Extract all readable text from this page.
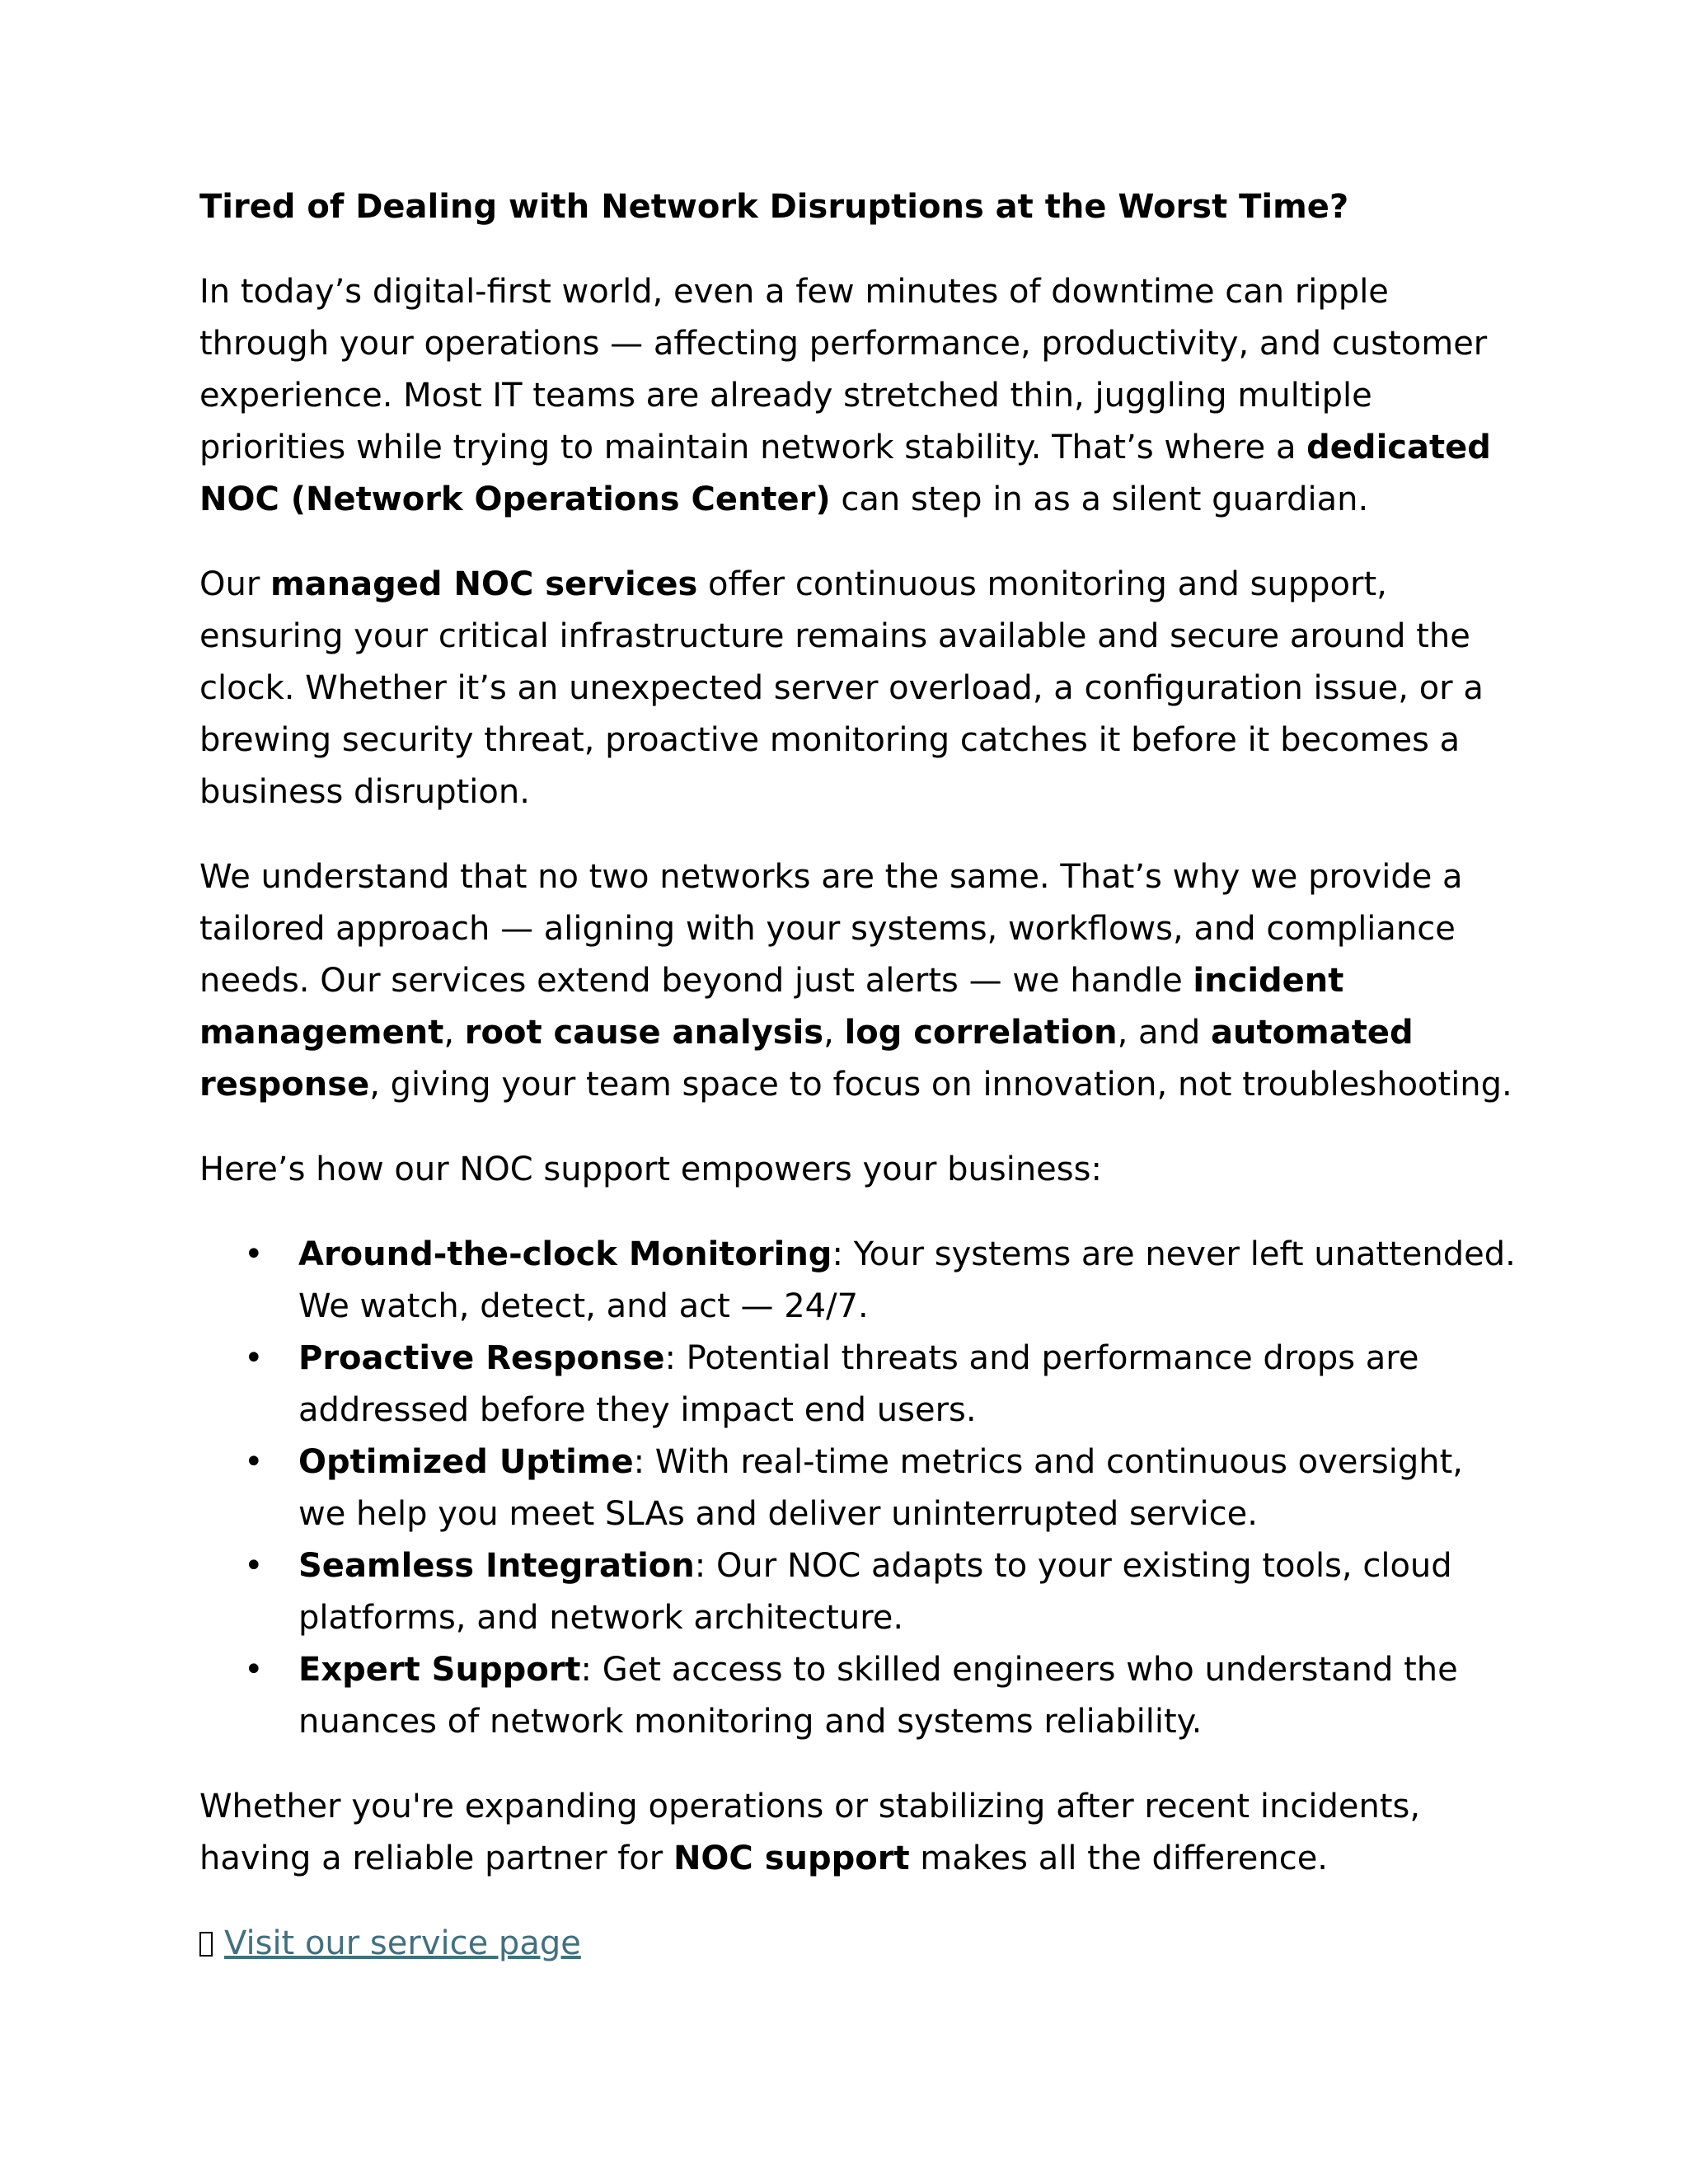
Tired of Dealing with Network Disruptions at the Worst Time?

In today’s digital-first world, even a few minutes of downtime can ripple through your operations — affecting performance, productivity, and customer experience. Most IT teams are already stretched thin, juggling multiple priorities while trying to maintain network stability. That’s where a dedicated NOC (Network Operations Center) can step in as a silent guardian.

Our managed NOC services offer continuous monitoring and support, ensuring your critical infrastructure remains available and secure around the clock. Whether it’s an unexpected server overload, a configuration issue, or a brewing security threat, proactive monitoring catches it before it becomes a business disruption.

We understand that no two networks are the same. That’s why we provide a tailored approach — aligning with your systems, workflows, and compliance needs. Our services extend beyond just alerts — we handle incident management, root cause analysis, log correlation, and automated response, giving your team space to focus on innovation, not troubleshooting.

Here’s how our NOC support empowers your business:

• Around-the-clock Monitoring: Your systems are never left unattended. We watch, detect, and act — 24/7.
• Proactive Response: Potential threats and performance drops are addressed before they impact end users.
• Optimized Uptime: With real-time metrics and continuous oversight, we help you meet SLAs and deliver uninterrupted service.
• Seamless Integration: Our NOC adapts to your existing tools, cloud platforms, and network architecture.
• Expert Support: Get access to skilled engineers who understand the nuances of network monitoring and systems reliability.

Whether you're expanding operations or stabilizing after recent incidents, having a reliable partner for NOC support makes all the difference.

Visit our service page
